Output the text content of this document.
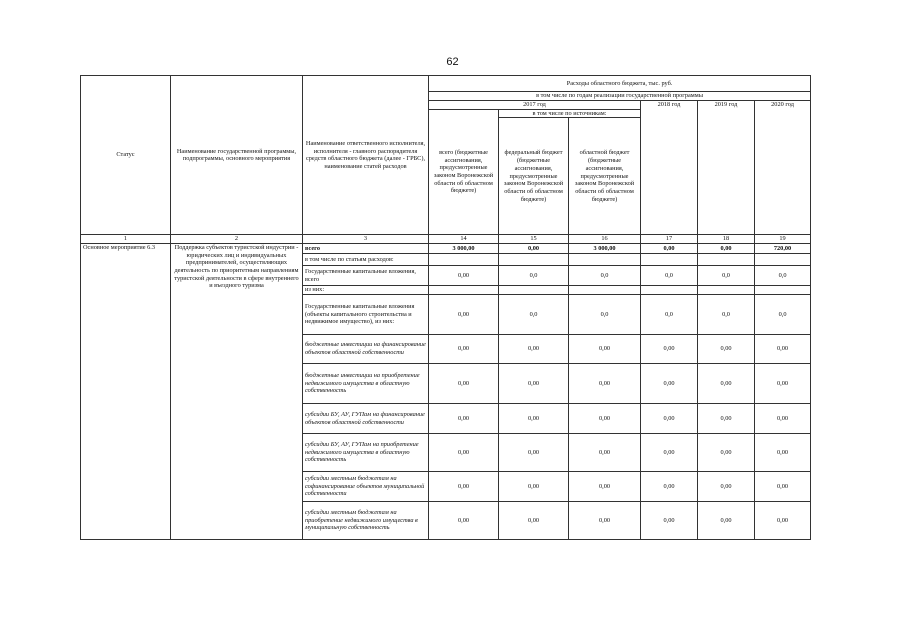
62
Статус	Наименование государственной программы, подпрограммы, основного мероприятия	Наименование ответственного исполнителя, исполнителя - главного распорядителя средств областного бюджета (далее - ГРБС), наименование статей расходов	Расходы областного бюджета, тыс. руб.					
			в том числе по годам реализации государственной программы					
			2017 год			2018 год	2019 год	2020 год
			всего (бюджетные ассигнования, предусмотренные законом Воронежской области об областном бюджете)	в том числе по источникам:				
				федеральный бюджет (бюджетные ассигнования, предусмотренные законом Воронежской области об областном бюджете)	областной бюджет (бюджетные ассигнования, предусмотренные законом Воронежской области об областном бюджете)			
1	2	3	14	15	16	17	18	19
Основное мероприятие 6.3	Поддержка субъектов туристской индустрии - юридических лиц и индивидуальных предпринимателей, осуществляющих деятельность по приоритетным направлениям туристской деятельности в сфере внутреннего и въездного туризма	всего	3 000,00	0,00	3 000,00	0,00	0,00	720,00
		в том числе по статьям расходов:						
		Государственные капитальные вложения, всего	0,00	0,0	0,0	0,0	0,0	0,0
		из них:						
		Государственные капитальные вложения (объекты капитального строительства и недвижимое имущество), из них:	0,00	0,0	0,0	0,0	0,0	0,0
		бюджетные инвестиции на финансирование объектов областной собственности	0,00	0,00	0,00	0,00	0,00	0,00
		бюджетные инвестиции на приобретение недвижимого имущества в областную собственность	0,00	0,00	0,00	0,00	0,00	0,00
		субсидии БУ, АУ, ГУПам на финансирование объектов областной собственности	0,00	0,00	0,00	0,00	0,00	0,00
		субсидии БУ, АУ, ГУПам на приобретение недвижимого имущества в областную собственность	0,00	0,00	0,00	0,00	0,00	0,00
		субсидии местным бюджетам на софинансирование объектов муниципальной собственности	0,00	0,00	0,00	0,00	0,00	0,00
		субсидии местным бюджетам на приобретение недвижимого имущества в муниципальную собственность	0,00	0,00	0,00	0,00	0,00	0,00
